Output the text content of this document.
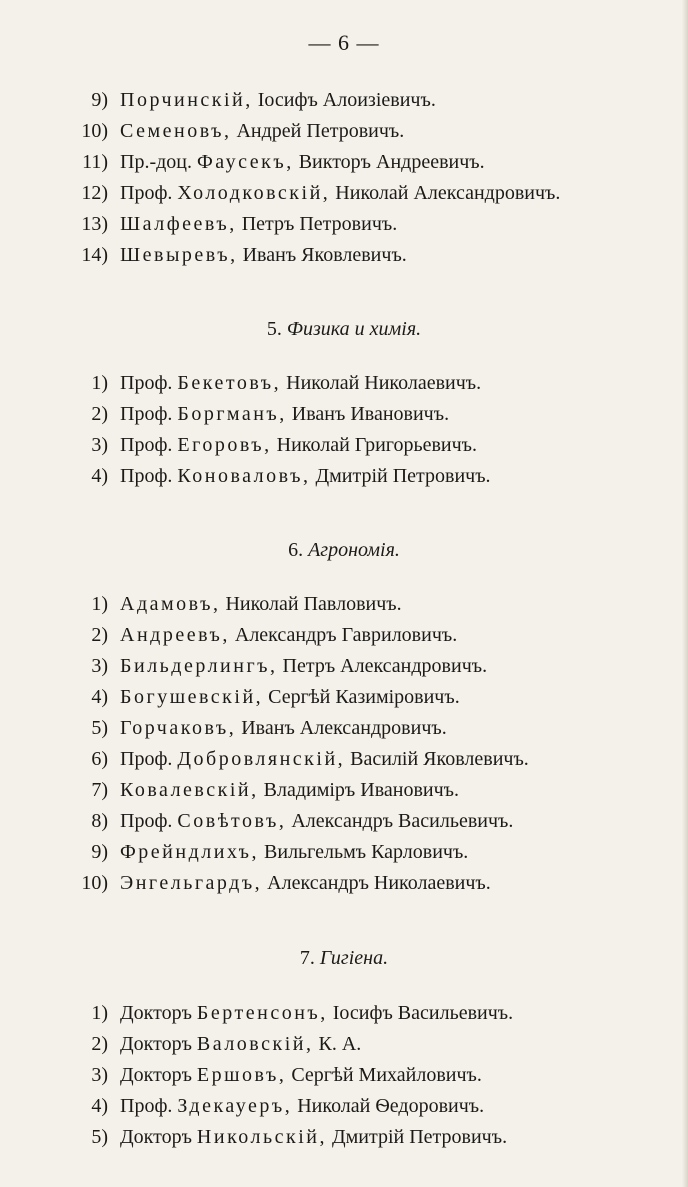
— 6 —
9) Порчинскій, Іосифъ Алоизіевичъ.
10) Семеновъ, Андрей Петровичъ.
11) Пр.-доц. Фаусекъ, Викторъ Андреевичъ.
12) Проф. Холодковскій, Николай Александровичъ.
13) Шалфеевъ, Петръ Петровичъ.
14) Шевыревъ, Иванъ Яковлевичъ.
5. Физика и химія.
1) Проф. Бекетовъ, Николай Николаевичъ.
2) Проф. Боргманъ, Иванъ Ивановичъ.
3) Проф. Егоровъ, Николай Григорьевичъ.
4) Проф. Коноваловъ, Дмитрій Петровичъ.
6. Агрономія.
1) Адамовъ, Николай Павловичъ.
2) Андреевъ, Александръ Гавриловичъ.
3) Бильдерлингъ, Петръ Александровичъ.
4) Богушевскій, Сергѣй Казиміровичъ.
5) Горчаковъ, Иванъ Александровичъ.
6) Проф. Добровлянскій, Василій Яковлевичъ.
7) Ковалевскій, Владиміръ Ивановичъ.
8) Проф. Совѣтовъ, Александръ Васильевичъ.
9) Фрейндлихъ, Вильгельмъ Карловичъ.
10) Энгельгардъ, Александръ Николаевичъ.
7. Гигіена.
1) Докторъ Бертенсонъ, Іосифъ Васильевичъ.
2) Докторъ Валовскій, К. А.
3) Докторъ Ершовъ, Сергѣй Михайловичъ.
4) Проф. Здекауеръ, Николай Ѳедоровичъ.
5) Докторъ Никольскій, Дмитрій Петровичъ.
